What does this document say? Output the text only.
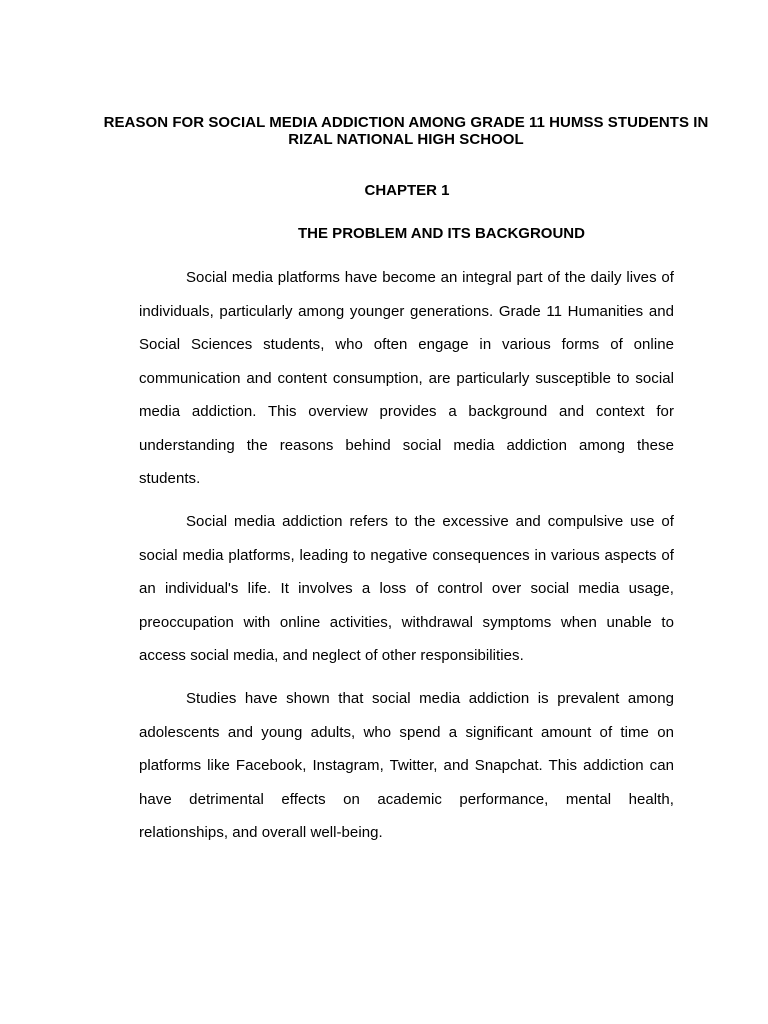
REASON FOR SOCIAL MEDIA ADDICTION AMONG GRADE 11 HUMSS STUDENTS IN RIZAL NATIONAL HIGH SCHOOL
CHAPTER 1
THE PROBLEM AND ITS BACKGROUND

Social media platforms have become an integral part of the daily lives of individuals, particularly among younger generations. Grade 11 Humanities and Social Sciences students, who often engage in various forms of online communication and content consumption, are particularly susceptible to social media addiction. This overview provides a background and context for understanding the reasons behind social media addiction among these students.

Social media addiction refers to the excessive and compulsive use of social media platforms, leading to negative consequences in various aspects of an individual's life. It involves a loss of control over social media usage, preoccupation with online activities, withdrawal symptoms when unable to access social media, and neglect of other responsibilities.

Studies have shown that social media addiction is prevalent among adolescents and young adults, who spend a significant amount of time on platforms like Facebook, Instagram, Twitter, and Snapchat. This addiction can have detrimental effects on academic performance, mental health, relationships, and overall well-being.
